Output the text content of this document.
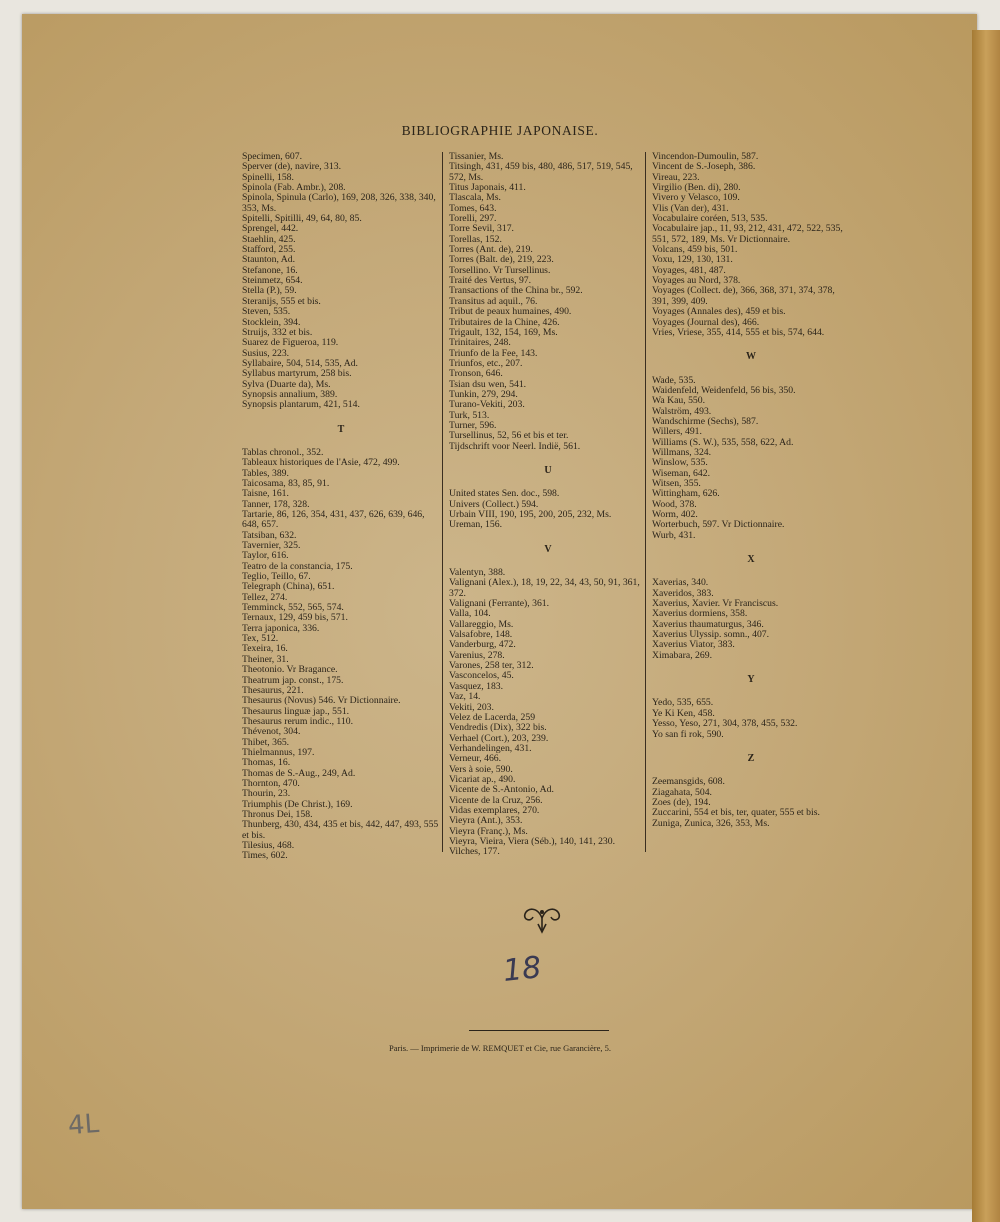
BIBLIOGRAPHIE JAPONAISE.
Specimen, 607.
Sperver (de), navire, 313.
Spinelli, 158.
Spinola (Fab. Ambr.), 208.
Spinola, Spinula (Carlo), 169, 208, 326, 338, 340, 353, Ms.
Spitelli, Spitilli, 49, 64, 80, 85.
Sprengel, 442.
Staehlin, 425.
Stafford, 255.
Staunton, Ad.
Stefanone, 16.
Steinmetz, 654.
Stella (P.), 59.
Steranijs, 555 et bis.
Steven, 535.
Stocklein, 394.
Struijs, 332 et bis.
Suarez de Figueroa, 119.
Susius, 223.
Syllabaire, 504, 514, 535, Ad.
Syllabus martyrum, 258 bis.
Sylva (Duarte da), Ms.
Synopsis annalium, 389.
Synopsis plantarum, 421, 514.
T
Tablas chronol., 352.
Tableaux historiques de l'Asie, 472, 499.
Tables, 389.
Taicosama, 83, 85, 91.
Taisne, 161.
Tanner, 178, 328.
Tartarie, 86, 126, 354, 431, 437, 626, 639, 646, 648, 657.
Tatsiban, 632.
Tavernier, 325.
Taylor, 616.
Teatro de la constancia, 175.
Teglio, Teillo, 67.
Telegraph (China), 651.
Tellez, 274.
Temminck, 552, 565, 574.
Ternaux, 129, 459 bis, 571.
Terra japonica, 336.
Tex, 512.
Texeira, 16.
Theiner, 31.
Theotonio. Vr Bragance.
Theatrum jap. const., 175.
Thesaurus, 221.
Thesaurus (Novus) 546. Vr Dictionnaire.
Thesaurus linguæ jap., 551.
Thesaurus rerum indic., 110.
Thévenot, 304.
Thibet, 365.
Thielmannus, 197.
Thomas, 16.
Thomas de S.-Aug., 249, Ad.
Thornton, 470.
Thourin, 23.
Triumphis (De Christ.), 169.
Thronus Dei, 158.
Thunberg, 430, 434, 435 et bis, 442, 447, 493, 555 et bis.
Tilesius, 468.
Times, 602.
Tissanier, Ms.
Titsingh, 431, 459 bis, 480, 486, 517, 519, 545, 572, Ms.
Titus Japonais, 411.
Tlascala, Ms.
Tomes, 643.
Torelli, 297.
Torre Sevil, 317.
Torellas, 152.
Torres (Ant. de), 219.
Torres (Balt. de), 219, 223.
Torsellino. Vr Tursellinus.
Traité des Vertus, 97.
Transactions of the China br., 592.
Transitus ad aquil., 76.
Tribut de peaux humaines, 490.
Tributaires de la Chine, 426.
Trigault, 132, 154, 169, Ms.
Trinitaires, 248.
Triunfo de la Fee, 143.
Triunfos, etc., 207.
Tronson, 646.
Tsian dsu wen, 541.
Tunkin, 279, 294.
Turano-Vekiti, 203.
Turk, 513.
Turner, 596.
Tursellinus, 52, 56 et bis et ter.
Tijdschrift voor Neerl. Indië, 561.
U
United states Sen. doc., 598.
Univers (Collect.) 594.
Urbain VIII, 190, 195, 200, 205, 232, Ms.
Ureman, 156.
V
Valentyn, 388.
Valignani (Alex.), 18, 19, 22, 34, 43, 50, 91, 361, 372.
Valignani (Ferrante), 361.
Valla, 104.
Vallareggio, Ms.
Valsafobre, 148.
Vanderburg, 472.
Varenius, 278.
Varones, 258 ter, 312.
Vasconcelos, 45.
Vasquez, 183.
Vaz, 14.
Vekiti, 203.
Velez de Lacerda, 259
Vendredis (Dix), 322 bis.
Verhael (Cort.), 203, 239.
Verhandelingen, 431.
Verneur, 466.
Vers à soie, 590.
Vicariat ap., 490.
Vicente de S.-Antonio, Ad.
Vicente de la Cruz, 256.
Vidas exemplares, 270.
Vieyra (Ant.), 353.
Vieyra (Franç.), Ms.
Vieyra, Vieira, Viera (Séb.), 140, 141, 230.
Vilches, 177.
Vincendon-Dumoulin, 587.
Vincent de S.-Joseph, 386.
Vireau, 223.
Virgilio (Ben. di), 280.
Vivero y Velasco, 109.
Vlis (Van der), 431.
Vocabulaire coréen, 513, 535.
Vocabulaire jap., 11, 93, 212, 431, 472, 522, 535, 551, 572, 189, Ms. Vr Dictionnaire.
Volcans, 459 bis, 501.
Voxu, 129, 130, 131.
Voyages, 481, 487.
Voyages au Nord, 378.
Voyages (Collect. de), 366, 368, 371, 374, 378, 391, 399, 409.
Voyages (Annales des), 459 et bis.
Voyages (Journal des), 466.
Vries, Vriese, 355, 414, 555 et bis, 574, 644.
W
Wade, 535.
Waidenfeld, Weidenfeld, 56 bis, 350.
Wa Kau, 550.
Walström, 493.
Wandschirme (Sechs), 587.
Willers, 491.
Williams (S. W.), 535, 558, 622, Ad.
Willmans, 324.
Winslow, 535.
Wiseman, 642.
Witsen, 355.
Wittingham, 626.
Wood, 378.
Worm, 402.
Worterbuch, 597. Vr Dictionnaire.
Wurb, 431.
X
Xaverias, 340.
Xaveridos, 383.
Xaverius, Xavier. Vr Franciscus.
Xaverius dormiens, 358.
Xaverius thaumaturgus, 346.
Xaverius Ulyssip. somn., 407.
Xaverius Viator, 383.
Ximabara, 269.
Y
Yedo, 535, 655.
Ye Ki Ken, 458.
Yesso, Yeso, 271, 304, 378, 455, 532.
Yo san fi rok, 590.
Z
Zeemansgids, 608.
Ziagahata, 504.
Zoes (de), 194.
Zuccarini, 554 et bis, ter, quater, 555 et bis.
Zuniga, Zunica, 326, 353, Ms.
18
Paris. — Imprimerie de W. REMQUET et Cie, rue Garancière, 5.
4L
